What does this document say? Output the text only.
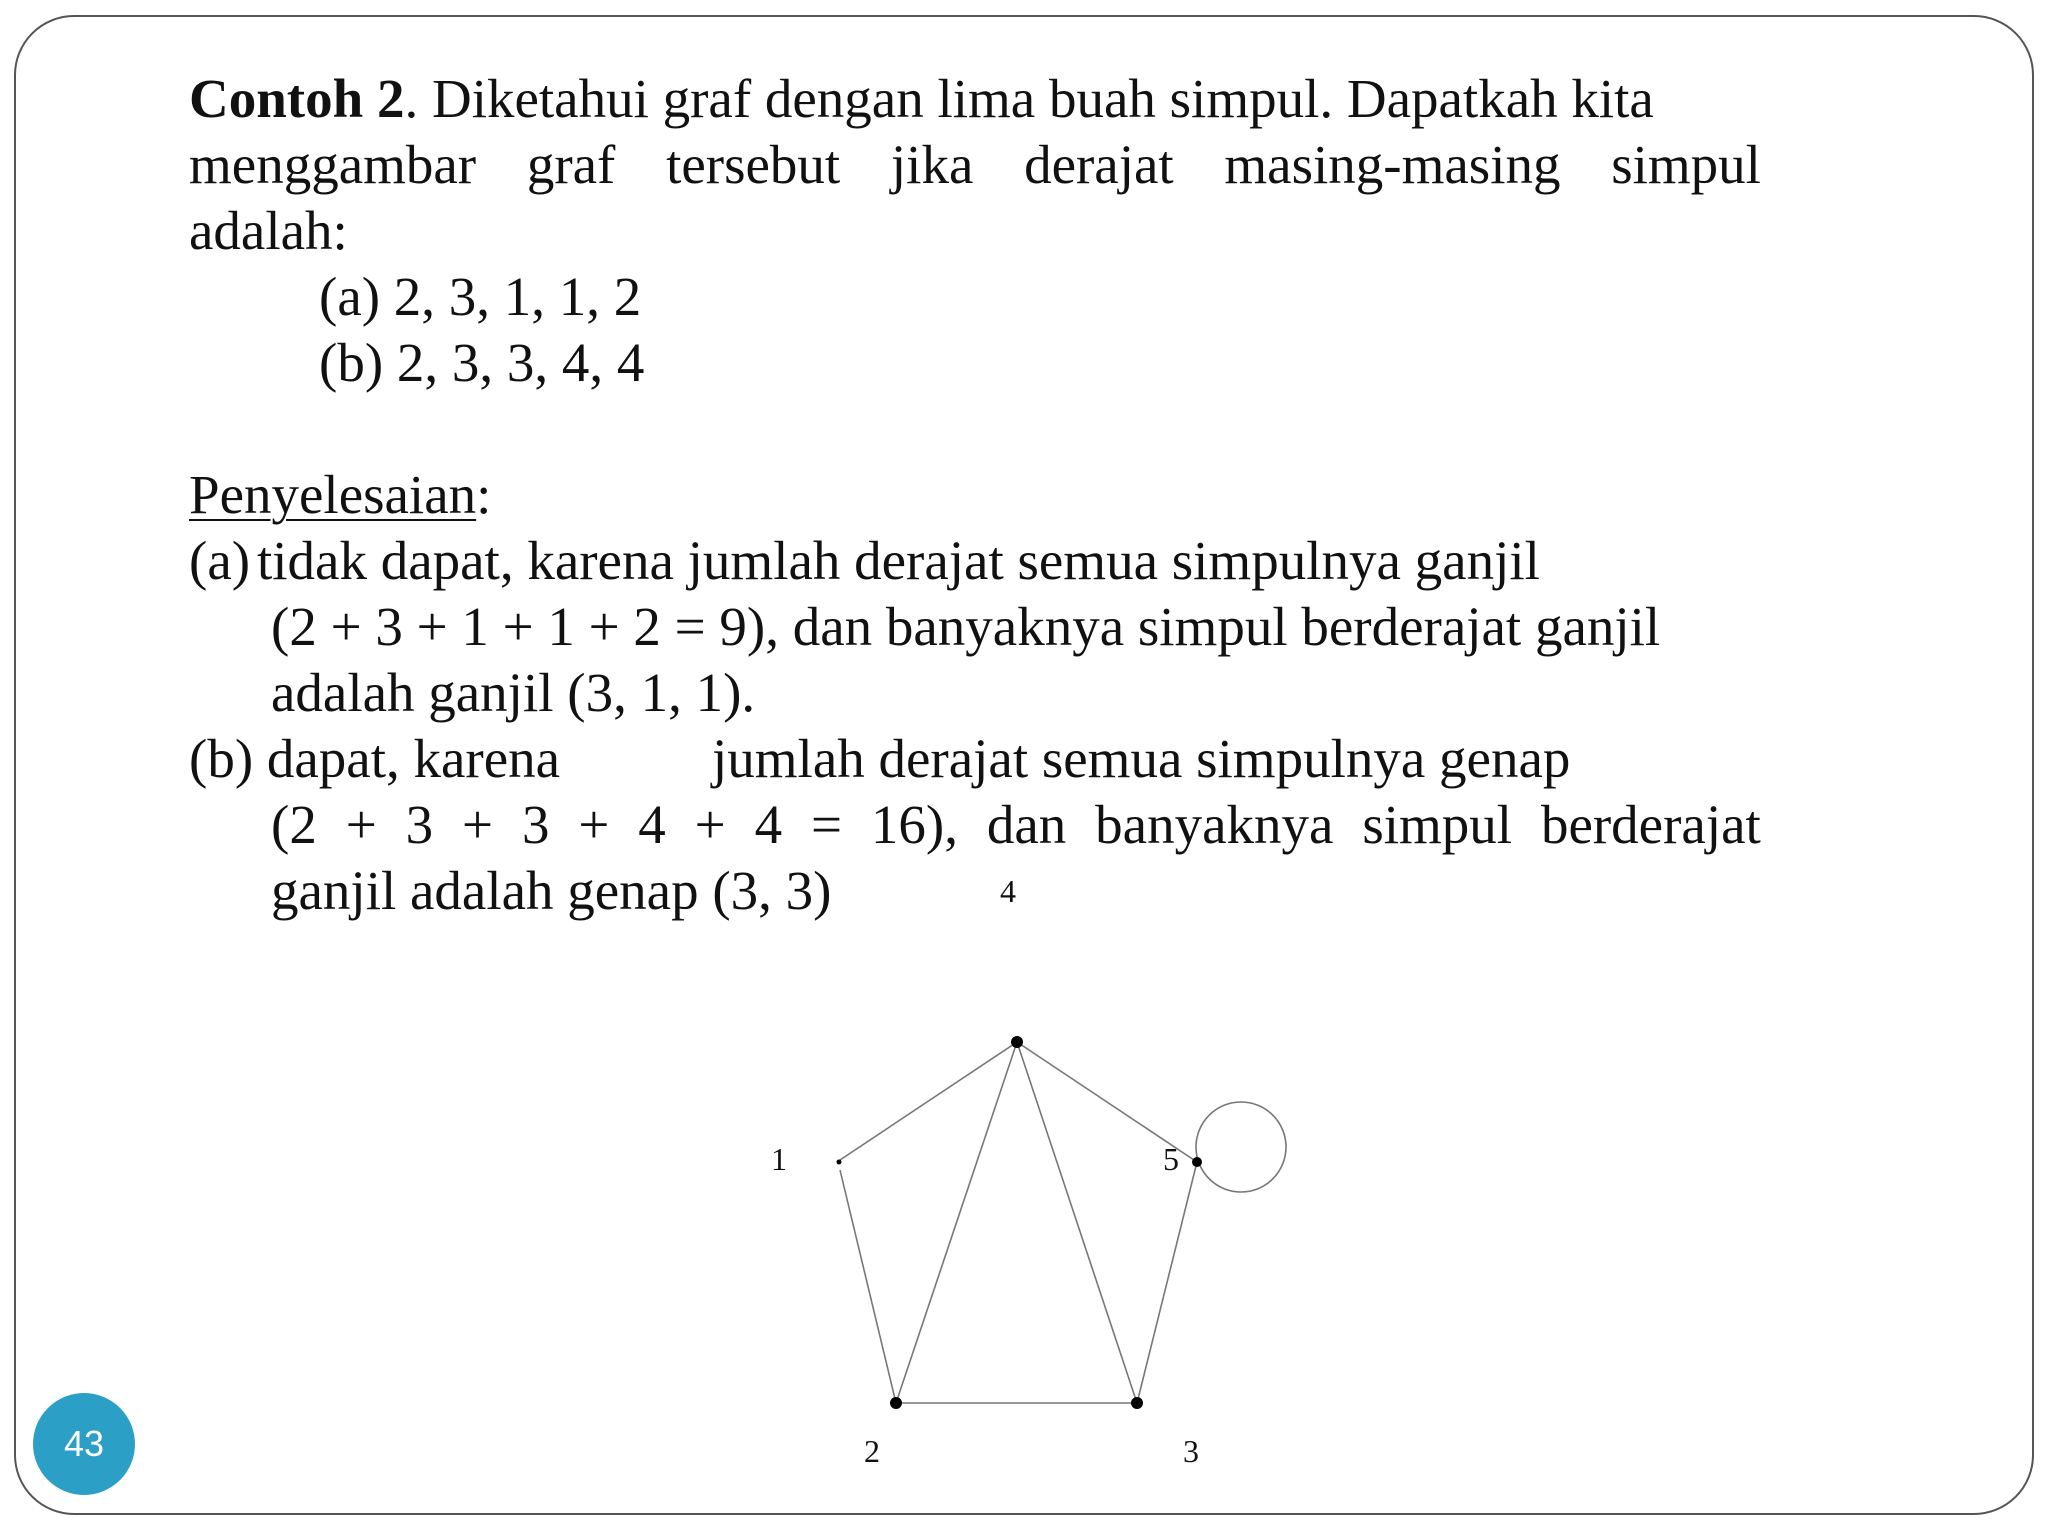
Contoh 2. Diketahui graf dengan lima buah simpul. Dapatkah kita
menggambar graf tersebut jika derajat masing-masing simpul
adalah:
(a) 2, 3, 1, 1, 2
(b) 2, 3, 3, 4, 4
Penyelesaian:
(a) tidak dapat, karena jumlah derajat semua simpulnya ganjil
(2 + 3 + 1 + 1 + 2 = 9), dan banyaknya simpul berderajat ganjil
adalah ganjil (3, 1, 1).
(b) dapat, karena	jumlah derajat semua simpulnya genap
(2 + 3 + 3 + 4 + 4 = 16), dan banyaknya simpul berderajat
ganjil adalah genap (3, 3)
1
2	3
4
5
43
